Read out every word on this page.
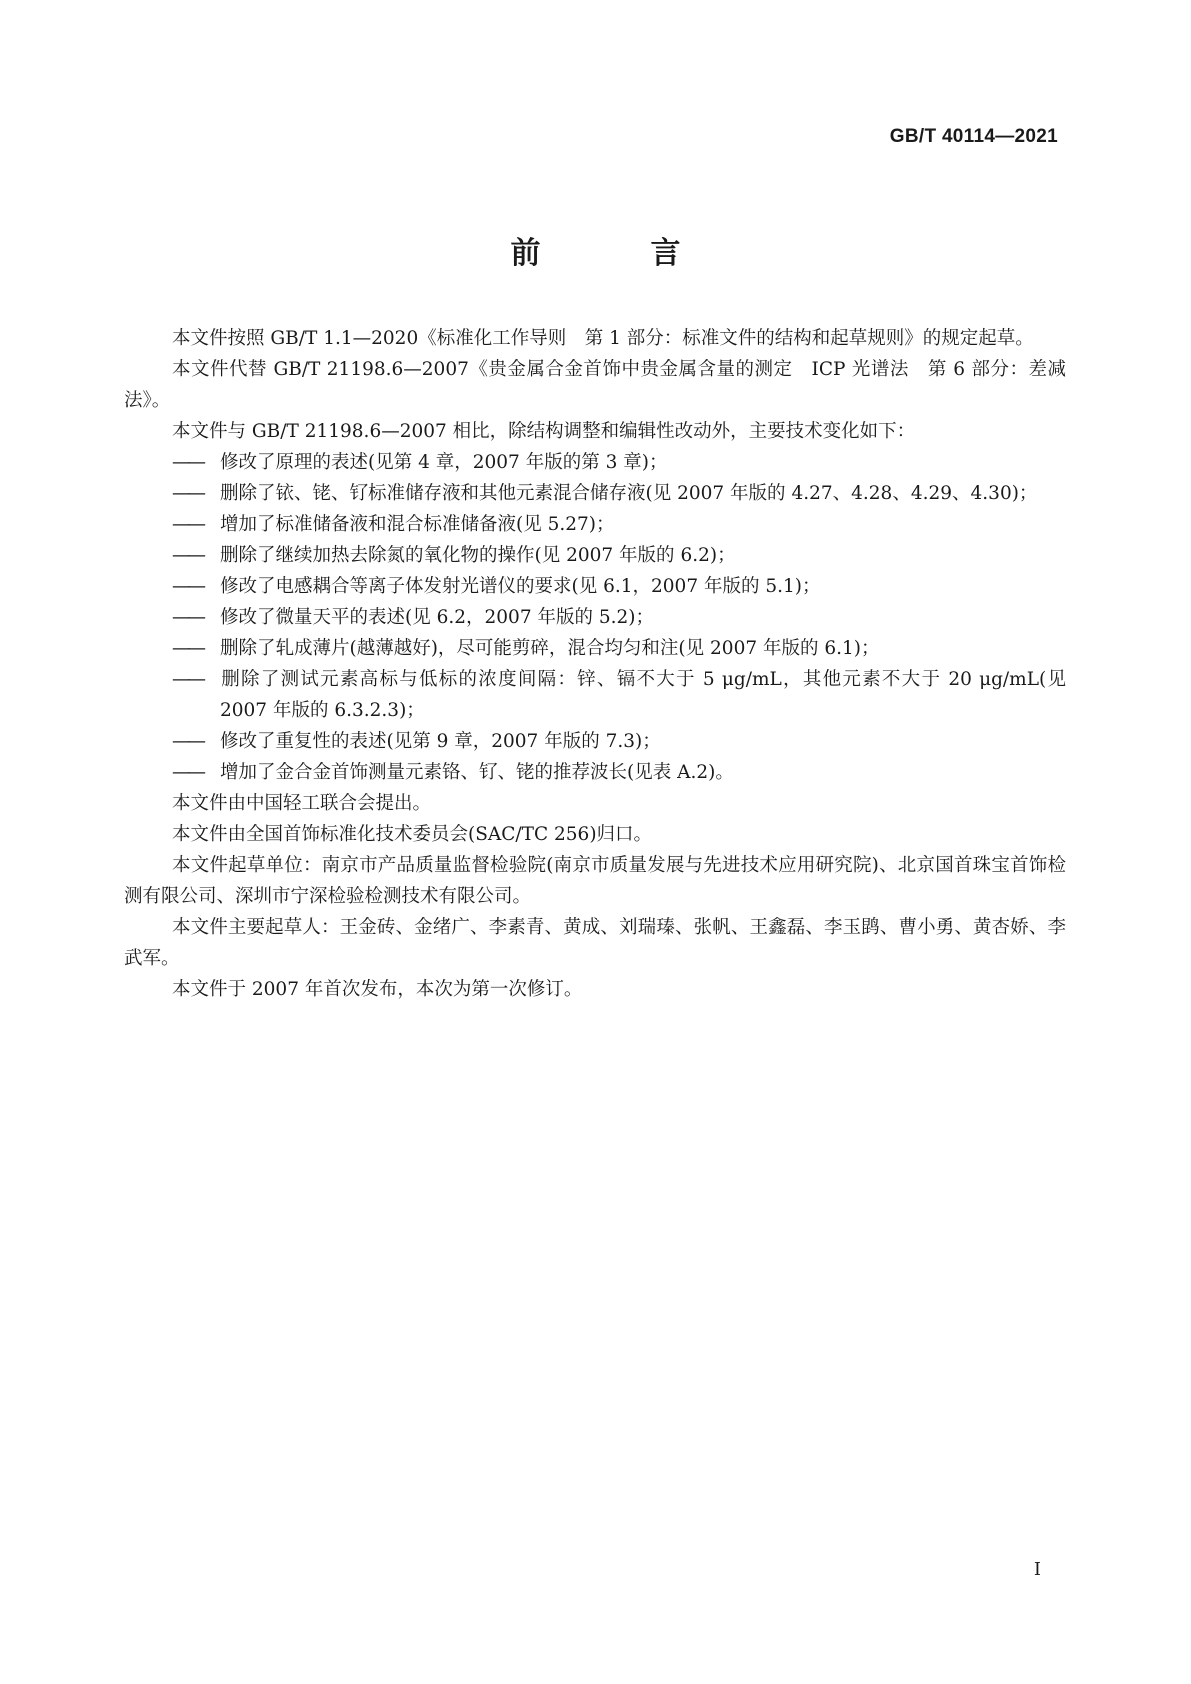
GB/T 40114—2021
前　言

本文件按照 GB/T 1.1—2020《标准化工作导则　第 1 部分：标准文件的结构和起草规则》的规定起草。

本文件代替 GB/T 21198.6—2007《贵金属合金首饰中贵金属含量的测定　ICP 光谱法　第 6 部分：差减法》。

本文件与 GB/T 21198.6—2007 相比，除结构调整和编辑性改动外，主要技术变化如下：

—— 修改了原理的表述(见第 4 章，2007 年版的第 3 章)；

—— 删除了铱、铑、钌标准储存液和其他元素混合储存液(见 2007 年版的 4.27、4.28、4.29、4.30)；

—— 增加了标准储备液和混合标准储备液(见 5.27)；

—— 删除了继续加热去除氮的氧化物的操作(见 2007 年版的 6.2)；

—— 修改了电感耦合等离子体发射光谱仪的要求(见 6.1，2007 年版的 5.1)；

—— 修改了微量天平的表述(见 6.2，2007 年版的 5.2)；

—— 删除了轧成薄片(越薄越好)，尽可能剪碎，混合均匀和注(见 2007 年版的 6.1)；

—— 删除了测试元素高标与低标的浓度间隔：锌、镉不大于 5 μg/mL，其他元素不大于 20 μg/mL(见 2007 年版的 6.3.2.3)；

—— 修改了重复性的表述(见第 9 章，2007 年版的 7.3)；

—— 增加了金合金首饰测量元素铬、钌、铑的推荐波长(见表 A.2)。

本文件由中国轻工联合会提出。

本文件由全国首饰标准化技术委员会(SAC/TC 256)归口。

本文件起草单位：南京市产品质量监督检验院(南京市质量发展与先进技术应用研究院)、北京国首珠宝首饰检测有限公司、深圳市宁深检验检测技术有限公司。

本文件主要起草人：王金砖、金绪广、李素青、黄成、刘瑞瑧、张帆、王鑫磊、李玉鹍、曹小勇、黄杏娇、李武军。

本文件于 2007 年首次发布，本次为第一次修订。

I
